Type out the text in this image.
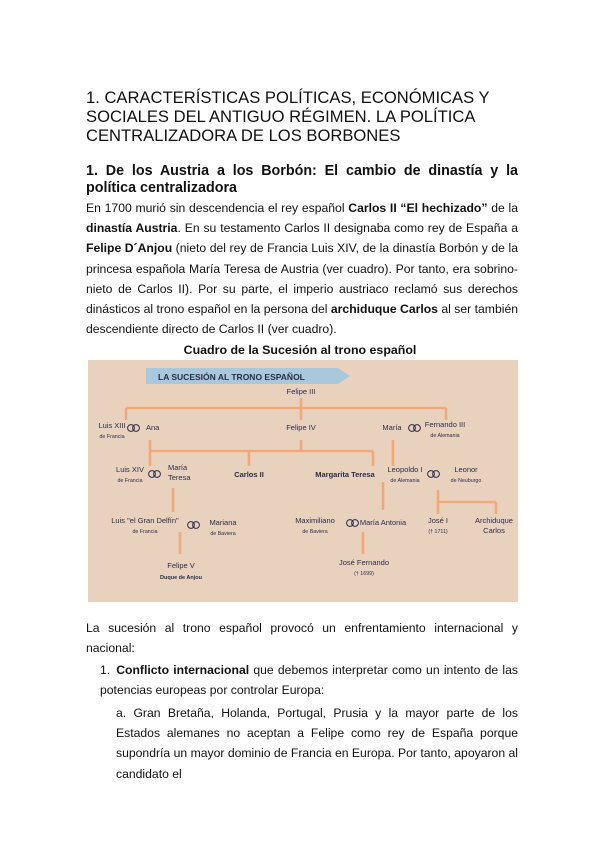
1. CARACTERÍSTICAS POLÍTICAS, ECONÓMICAS Y SOCIALES DEL ANTIGUO RÉGIMEN. LA POLÍTICA CENTRALIZADORA DE LOS BORBONES
1. De los Austria a los Borbón: El cambio de dinastía y la política centralizadora

En 1700 murió sin descendencia el rey español Carlos II “El hechizado” de la dinastía Austria. En su testamento Carlos II designaba como rey de España a Felipe D´Anjou (nieto del rey de Francia Luis XIV, de la dinastía Borbón y de la princesa española María Teresa de Austria (ver cuadro). Por tanto, era sobrino-nieto de Carlos II). Por su parte, el imperio austriaco reclamó sus derechos dinásticos al trono español en la persona del archiduque Carlos al ser también descendiente directo de Carlos II (ver cuadro).

Cuadro de la Sucesión al trono español

LA SUCESIÓN AL TRONO ESPAÑOL
Felipe III
Luis XIII
de Francia
Ana	Felipe IV	María	Fernando III
de Alemania
Luis XIV
de Francia
María
Teresa	Carlos II	Margarita Teresa
Leopoldo I
de Alemania
Leonor
de Neuburgo
Luis "el Gran Delfín"
de Francia
Mariana
de Baviera
Maximiliano
de Baviera
María Antonia	José I
(† 1711)
Archiduque
Carlos
Felipe V
Duque de Anjou
José Fernando
(† 1699)

La sucesión al trono español provocó un enfrentamiento internacional y nacional:

1. Conflicto internacional que debemos interpretar como un intento de las potencias europeas por controlar Europa:

a. Gran Bretaña, Holanda, Portugal, Prusia y la mayor parte de los Estados alemanes no aceptan a Felipe como rey de España porque supondría un mayor dominio de Francia en Europa. Por tanto, apoyaron al candidato el
